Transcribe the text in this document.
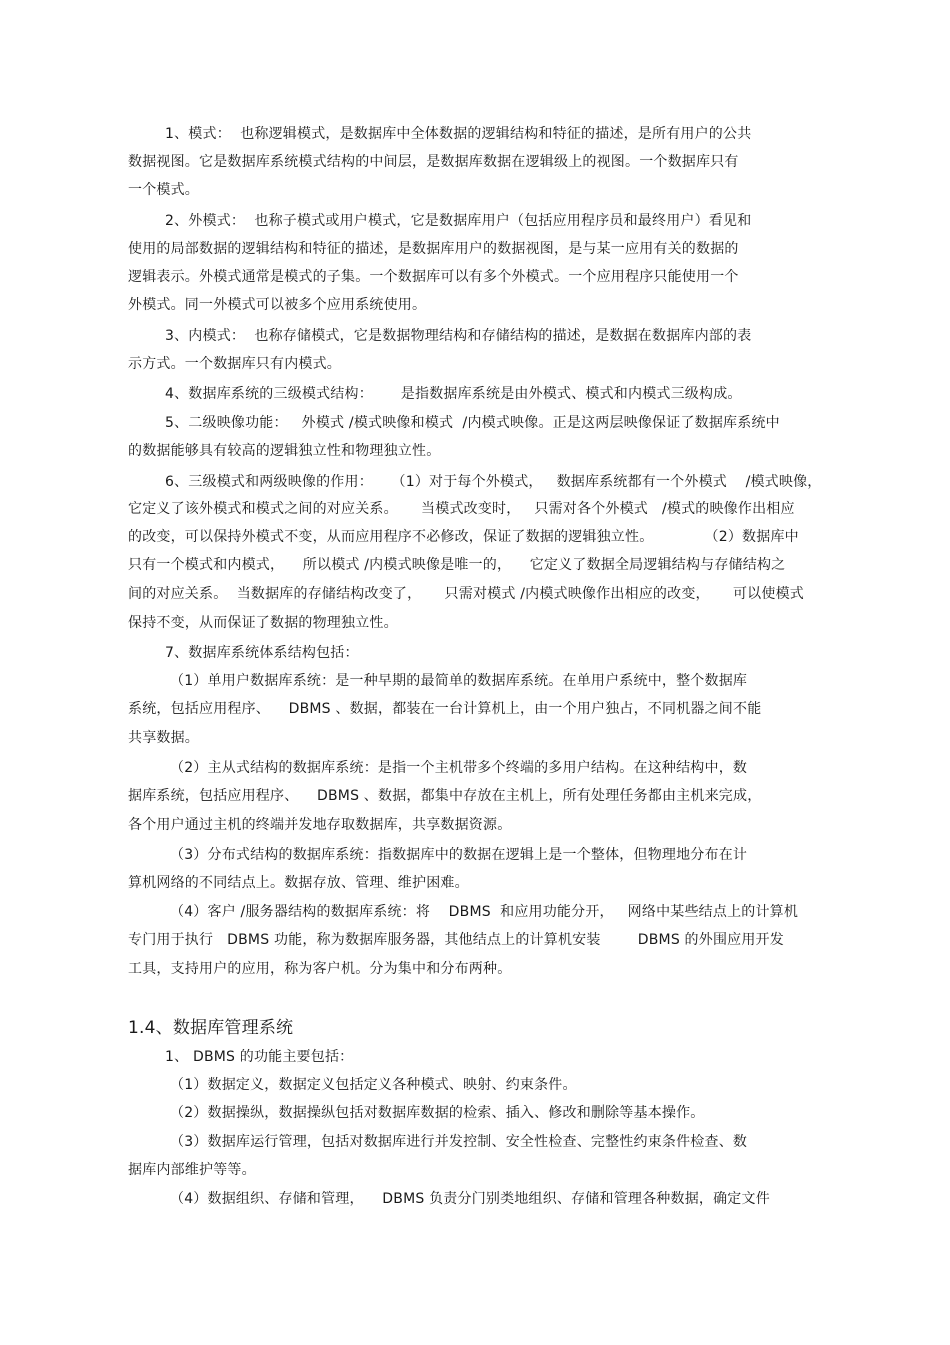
1、模式：  也称逻辑模式，是数据库中全体数据的逻辑结构和特征的描述，是所有用户的公共
数据视图。它是数据库系统模式结构的中间层，是数据库数据在逻辑级上的视图。一个数据库只有
一个模式。
2、外模式：  也称子模式或用户模式，它是数据库用户（包括应用程序员和最终用户）看见和
使用的局部数据的逻辑结构和特征的描述，是数据库用户的数据视图，是与某一应用有关的数据的
逻辑表示。外模式通常是模式的子集。一个数据库可以有多个外模式。一个应用程序只能使用一个
外模式。同一外模式可以被多个应用系统使用。
3、内模式：  也称存储模式，它是数据物理结构和存储结构的描述，是数据在数据库内部的表
示方式。一个数据库只有内模式。
4、数据库系统的三级模式结构：      是指数据库系统是由外模式、模式和内模式三级构成。
5、二级映像功能：   外模式 /模式映像和模式  /内模式映像。正是这两层映像保证了数据库系统中
的数据能够具有较高的逻辑独立性和物理独立性。
6、三级模式和两级映像的作用：    （1）对于每个外模式，   数据库系统都有一个外模式    /模式映像，
它定义了该外模式和模式之间的对应关系。     当模式改变时，   只需对各个外模式   /模式的映像作出相应
的改变，可以保持外模式不变，从而应用程序不必修改，保证了数据的逻辑独立性。           （2）数据库中
只有一个模式和内模式，    所以模式 /内模式映像是唯一的，    它定义了数据全局逻辑结构与存储结构之
间的对应关系。  当数据库的存储结构改变了，     只需对模式 /内模式映像作出相应的改变，     可以使模式
保持不变，从而保证了数据的物理独立性。
7、数据库系统体系结构包括：
（1）单用户数据库系统：是一种早期的最简单的数据库系统。在单用户系统中，整个数据库
系统，包括应用程序、    DBMS 、数据，都装在一台计算机上，由一个用户独占，不同机器之间不能
共享数据。
（2）主从式结构的数据库系统：是指一个主机带多个终端的多用户结构。在这种结构中，数
据库系统，包括应用程序、    DBMS 、数据，都集中存放在主机上，所有处理任务都由主机来完成，
各个用户通过主机的终端并发地存取数据库，共享数据资源。
（3）分布式结构的数据库系统：指数据库中的数据在逻辑上是一个整体，但物理地分布在计
算机网络的不同结点上。数据存放、管理、维护困难。
（4）客户 /服务器结构的数据库系统：将    DBMS  和应用功能分开，   网络中某些结点上的计算机
专门用于执行   DBMS 功能，称为数据库服务器，其他结点上的计算机安装        DBMS 的外围应用开发
工具，支持用户的应用，称为客户机。分为集中和分布两种。
1.4、数据库管理系统
1、 DBMS 的功能主要包括：
（1）数据定义，数据定义包括定义各种模式、映射、约束条件。
（2）数据操纵，数据操纵包括对数据库数据的检索、插入、修改和删除等基本操作。
（3）数据库运行管理，包括对数据库进行并发控制、安全性检查、完整性约束条件检查、数
据库内部维护等等。
（4）数据组织、存储和管理，    DBMS 负责分门别类地组织、存储和管理各种数据，确定文件
